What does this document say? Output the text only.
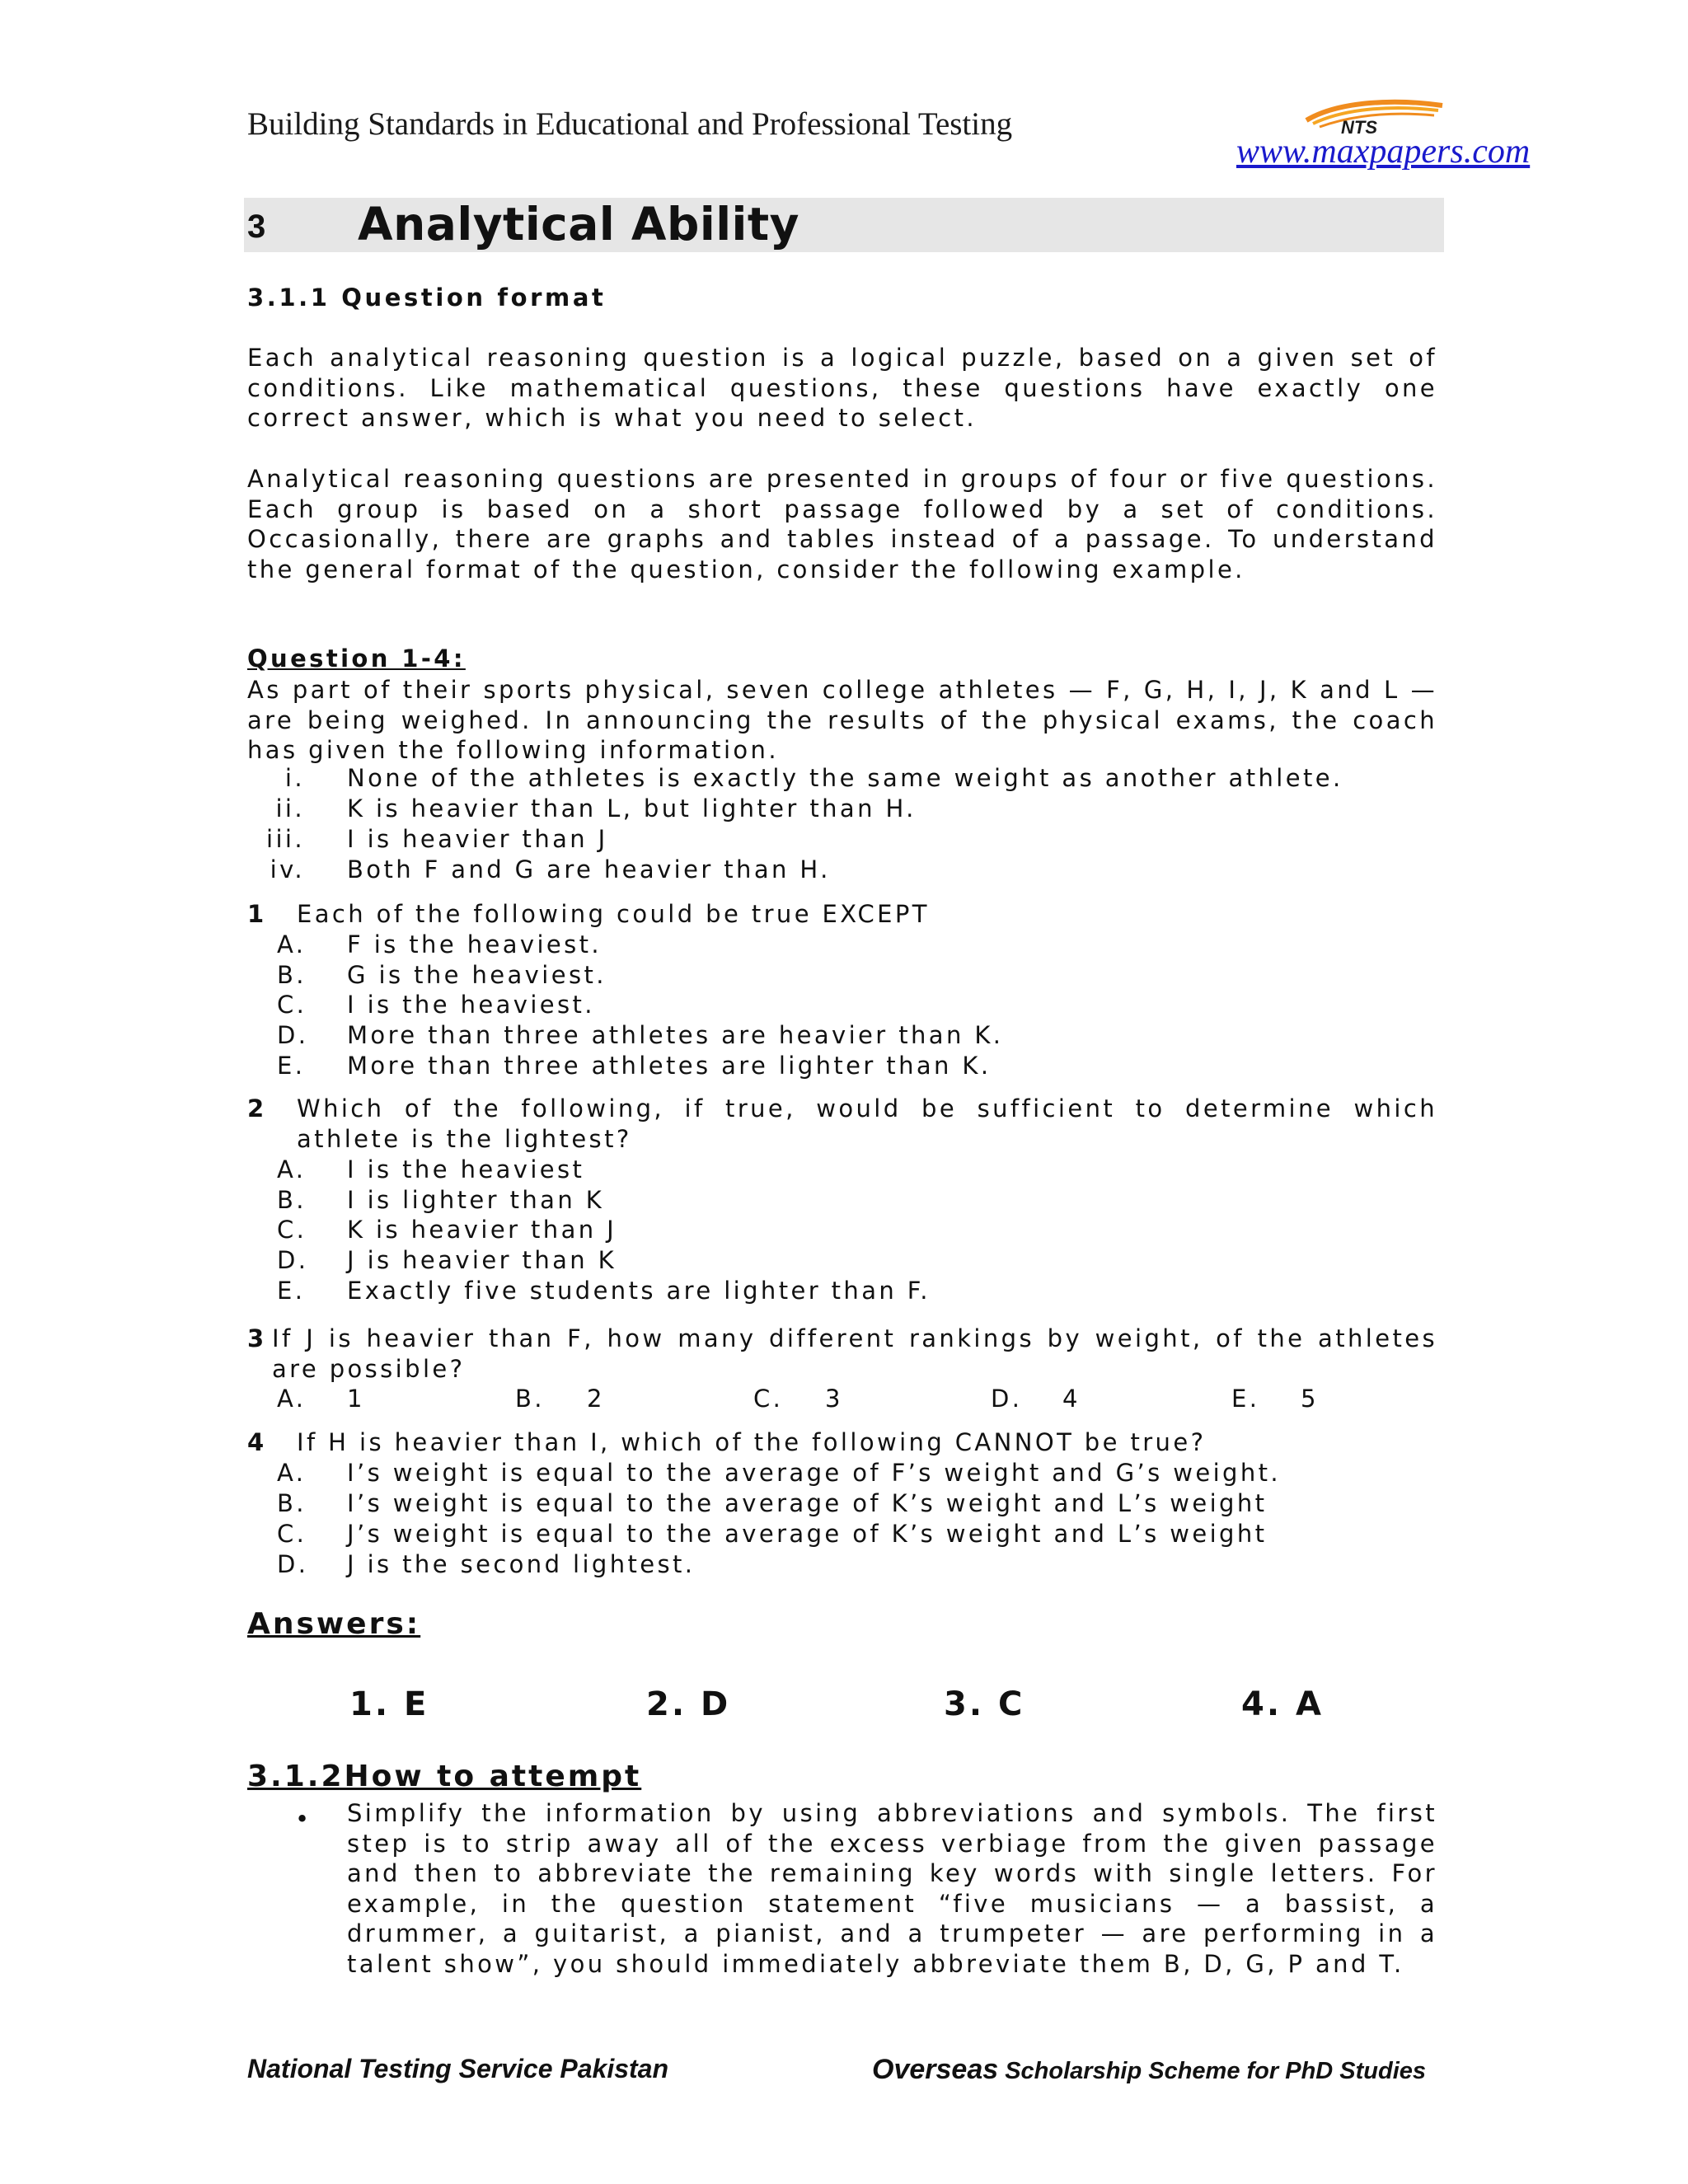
Building Standards in Educational and Professional Testing	NTS
www.maxpapers.com
3 Analytical Ability
3.1.1 Question format
Each analytical reasoning question is a logical puzzle, based on a given set of conditions. Like mathematical questions, these questions have exactly one correct answer, which is what you need to select.
Analytical reasoning questions are presented in groups of four or five questions. Each group is based on a short passage followed by a set of conditions. Occasionally, there are graphs and tables instead of a passage. To understand the general format of the question, consider the following example.
Question 1-4:
As part of their sports physical, seven college athletes — F, G, H, I, J, K and L — are being weighed. In announcing the results of the physical exams, the coach has given the following information.
i. None of the athletes is exactly the same weight as another athlete.
ii. K is heavier than L, but lighter than H.
iii. I is heavier than J
iv. Both F and G are heavier than H.
1 Each of the following could be true EXCEPT
A. F is the heaviest.
B. G is the heaviest.
C. I is the heaviest.
D. More than three athletes are heavier than K.
E. More than three athletes are lighter than K.
2 Which of the following, if true, would be sufficient to determine which athlete is the lightest?
A. I is the heaviest
B. I is lighter than K
C. K is heavier than J
D. J is heavier than K
E. Exactly five students are lighter than F.
3 If J is heavier than F, how many different rankings by weight, of the athletes are possible?
A. 1	B. 2	C. 3	D. 4	E. 5
4 If H is heavier than I, which of the following CANNOT be true?
A. I’s weight is equal to the average of F’s weight and G’s weight.
B. I’s weight is equal to the average of K’s weight and L’s weight
C. J’s weight is equal to the average of K’s weight and L’s weight
D. J is the second lightest.
Answers:
1. E	2. D	3. C	4. A
3.1.2How to attempt
• Simplify the information by using abbreviations and symbols. The first step is to strip away all of the excess verbiage from the given passage and then to abbreviate the remaining key words with single letters. For example, in the question statement “five musicians — a bassist, a drummer, a guitarist, a pianist, and a trumpeter — are performing in a talent show”, you should immediately abbreviate them B, D, G, P and T.
National Testing Service Pakistan	Overseas Scholarship Scheme for PhD Studies
